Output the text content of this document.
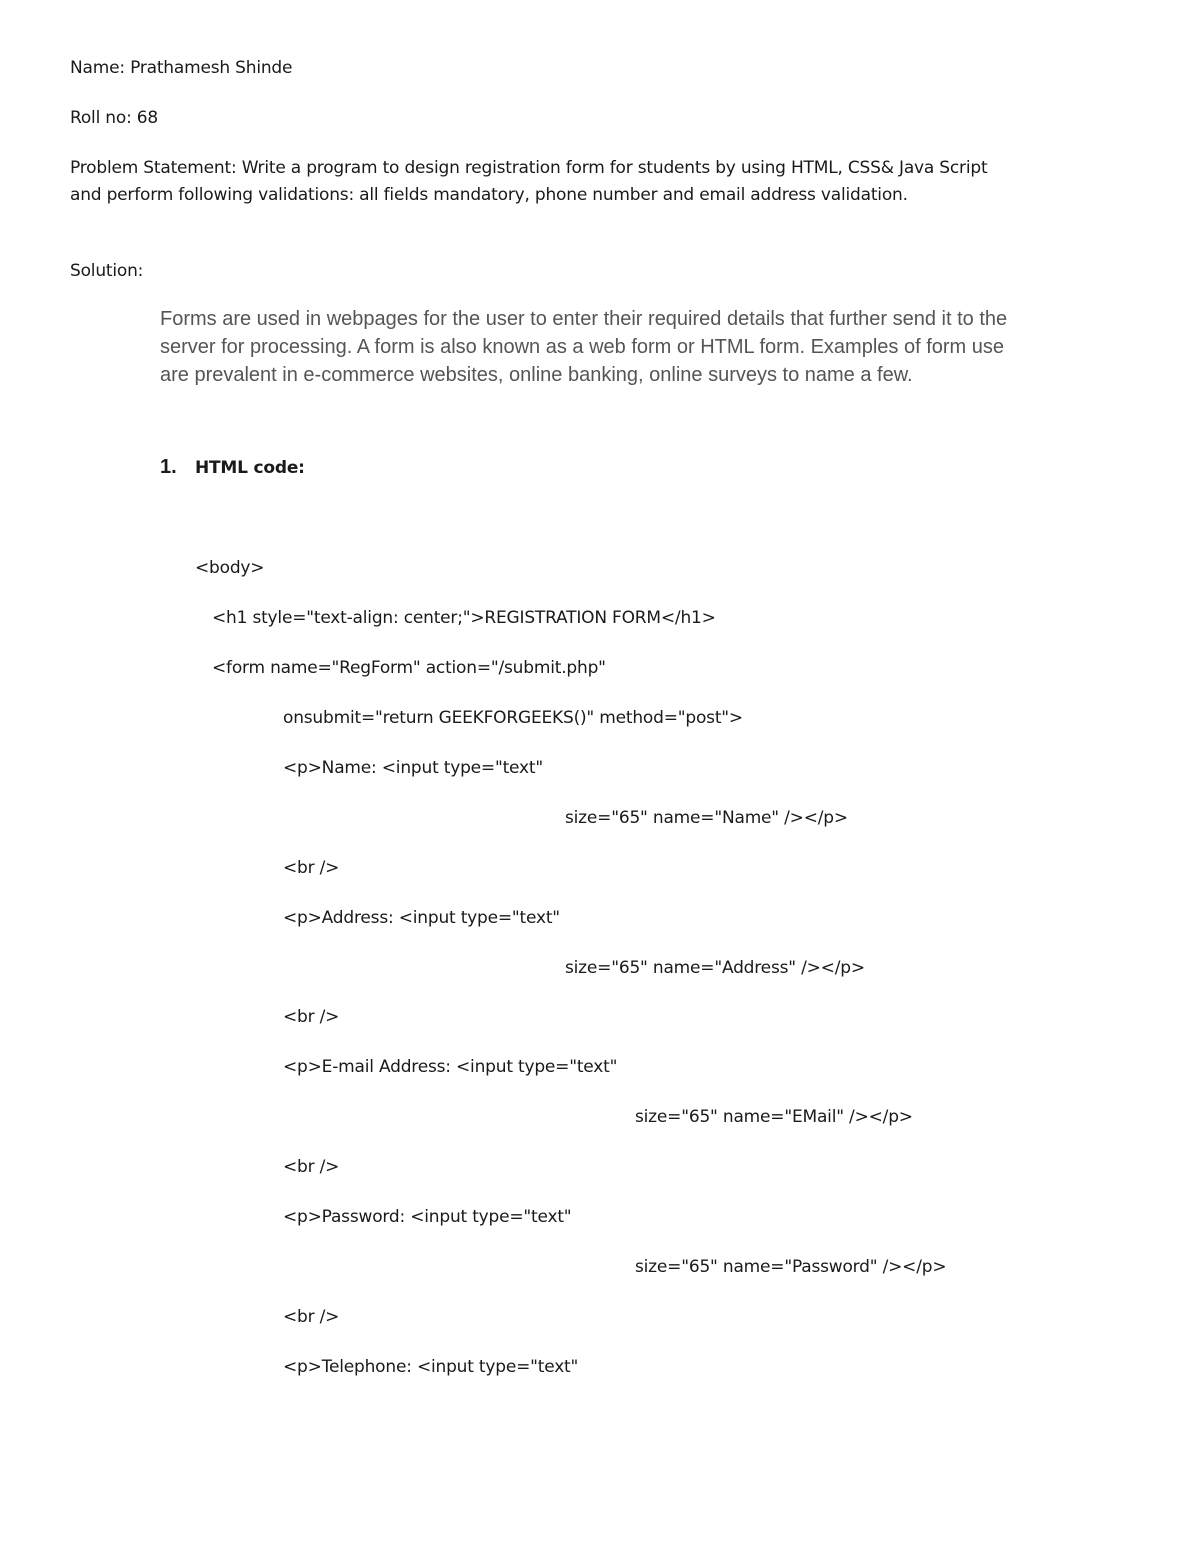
Name: Prathamesh Shinde

Roll no: 68

Problem Statement: Write a program to design registration form for students by using HTML, CSS& Java Script

and perform following validations: all fields mandatory, phone number and email address validation.

Solution:

Forms are used in webpages for the user to enter their required details that further send it to the
server for processing. A form is also known as a web form or HTML form. Examples of form use
are prevalent in e-commerce websites, online banking, online surveys to name a few.

1. HTML code:

<body>

<h1 style="text-align: center;">REGISTRATION FORM</h1>

<form name="RegForm" action="/submit.php"

onsubmit="return GEEKFORGEEKS()" method="post">

<p>Name: <input type="text"

size="65" name="Name" /></p>

<br />

<p>Address: <input type="text"

size="65" name="Address" /></p>

<br />

<p>E-mail Address: <input type="text"

size="65" name="EMail" /></p>

<br />

<p>Password: <input type="text"

size="65" name="Password" /></p>

<br />

<p>Telephone: <input type="text"
